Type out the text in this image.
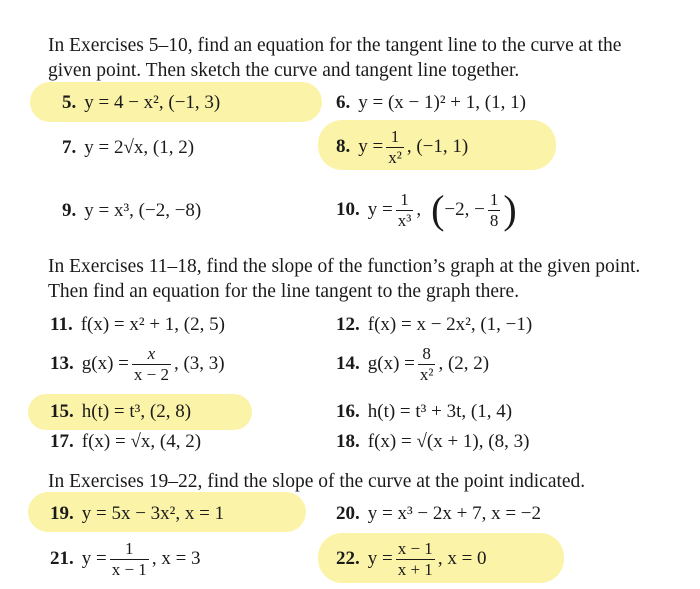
In Exercises 5–10, find an equation for the tangent line to the curve at the given point. Then sketch the curve and tangent line together.

5. y = 4 − x², (−1, 3)	6. y = (x − 1)² + 1, (1, 1)
7. y = 2√x, (1, 2)	8. $y = \frac{1}{\text{x²}}$ , (−1, 1)
9. y = x³, (−2, −8)	10. $y = \frac{1}{\text{x³}}$ , ( −2, − $\frac{1}{8}$ )

In Exercises 11–18, find the slope of the function’s graph at the given point. Then find an equation for the line tangent to the graph there.

11. f(x) = x² + 1, (2, 5)	12. f(x) = x − 2x², (1, −1)
13. $g(x) = \frac{x}{x - 2}$ , (3, 3)	14. $g(x) = \frac{8}{\text{x²}}$ , (2, 2)
15. h(t) = t³, (2, 8)	16. h(t) = t³ + 3t, (1, 4)
17. f(x) = √x, (4, 2)	18. f(x) = √(x + 1), (8, 3)

In Exercises 19–22, find the slope of the curve at the point indicated.

19. y = 5x − 3x², x = 1	20. y = x³ − 2x + 7, x = −2
21. $y = \frac{1}{x - 1}$ , x = 3	22. $y = \frac{x - 1}{x + 1}$ , x = 0
